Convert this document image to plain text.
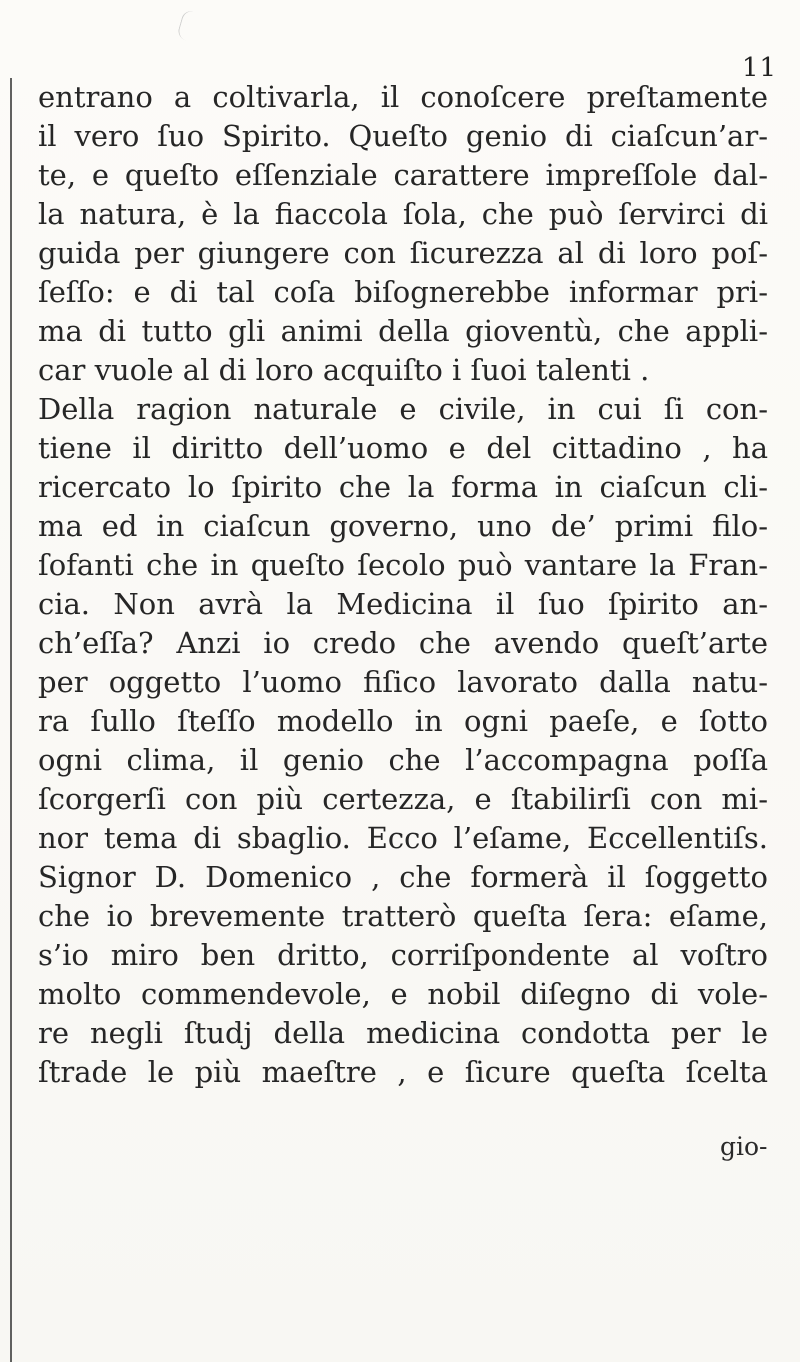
11
entrano a coltivarla, il conoſcere preſtamente
il vero ſuo Spirito. Queſto genio di ciaſcun’ar-
te, e queſto eſſenziale carattere impreſſole dal-
la natura, è la fiaccola ſola, che può ſervirci di
guida per giungere con ſicurezza al di loro poſ-
ſeſſo: e di tal coſa biſognerebbe informar pri-
ma di tutto gli animi della gioventù, che appli-
car vuole al di loro acquiſto i ſuoi talenti .
Della ragion naturale e civile, in cui ſi con-
tiene il diritto dell’uomo e del cittadino , ha
ricercato lo ſpirito che la forma in ciaſcun cli-
ma ed in ciaſcun governo, uno de’ primi filo-
ſofanti che in queſto ſecolo può vantare la Fran-
cia. Non avrà la Medicina il ſuo ſpirito an-
ch’eſſa? Anzi io credo che avendo queſt’arte
per oggetto l’uomo fiſico lavorato dalla natu-
ra ſullo ſteſſo modello in ogni paeſe, e ſotto
ogni clima, il genio che l’accompagna poſſa
ſcorgerſi con più certezza, e ſtabilirſi con mi-
nor tema di sbaglio. Ecco l’eſame, Eccellentiſs.
Signor D. Domenico , che formerà il ſoggetto
che io brevemente tratterò queſta ſera: eſame,
s’io miro ben dritto, corriſpondente al voſtro
molto commendevole, e nobil diſegno di vole-
re negli ſtudj della medicina condotta per le
ſtrade le più maeſtre , e ſicure queſta ſcelta
gio-
